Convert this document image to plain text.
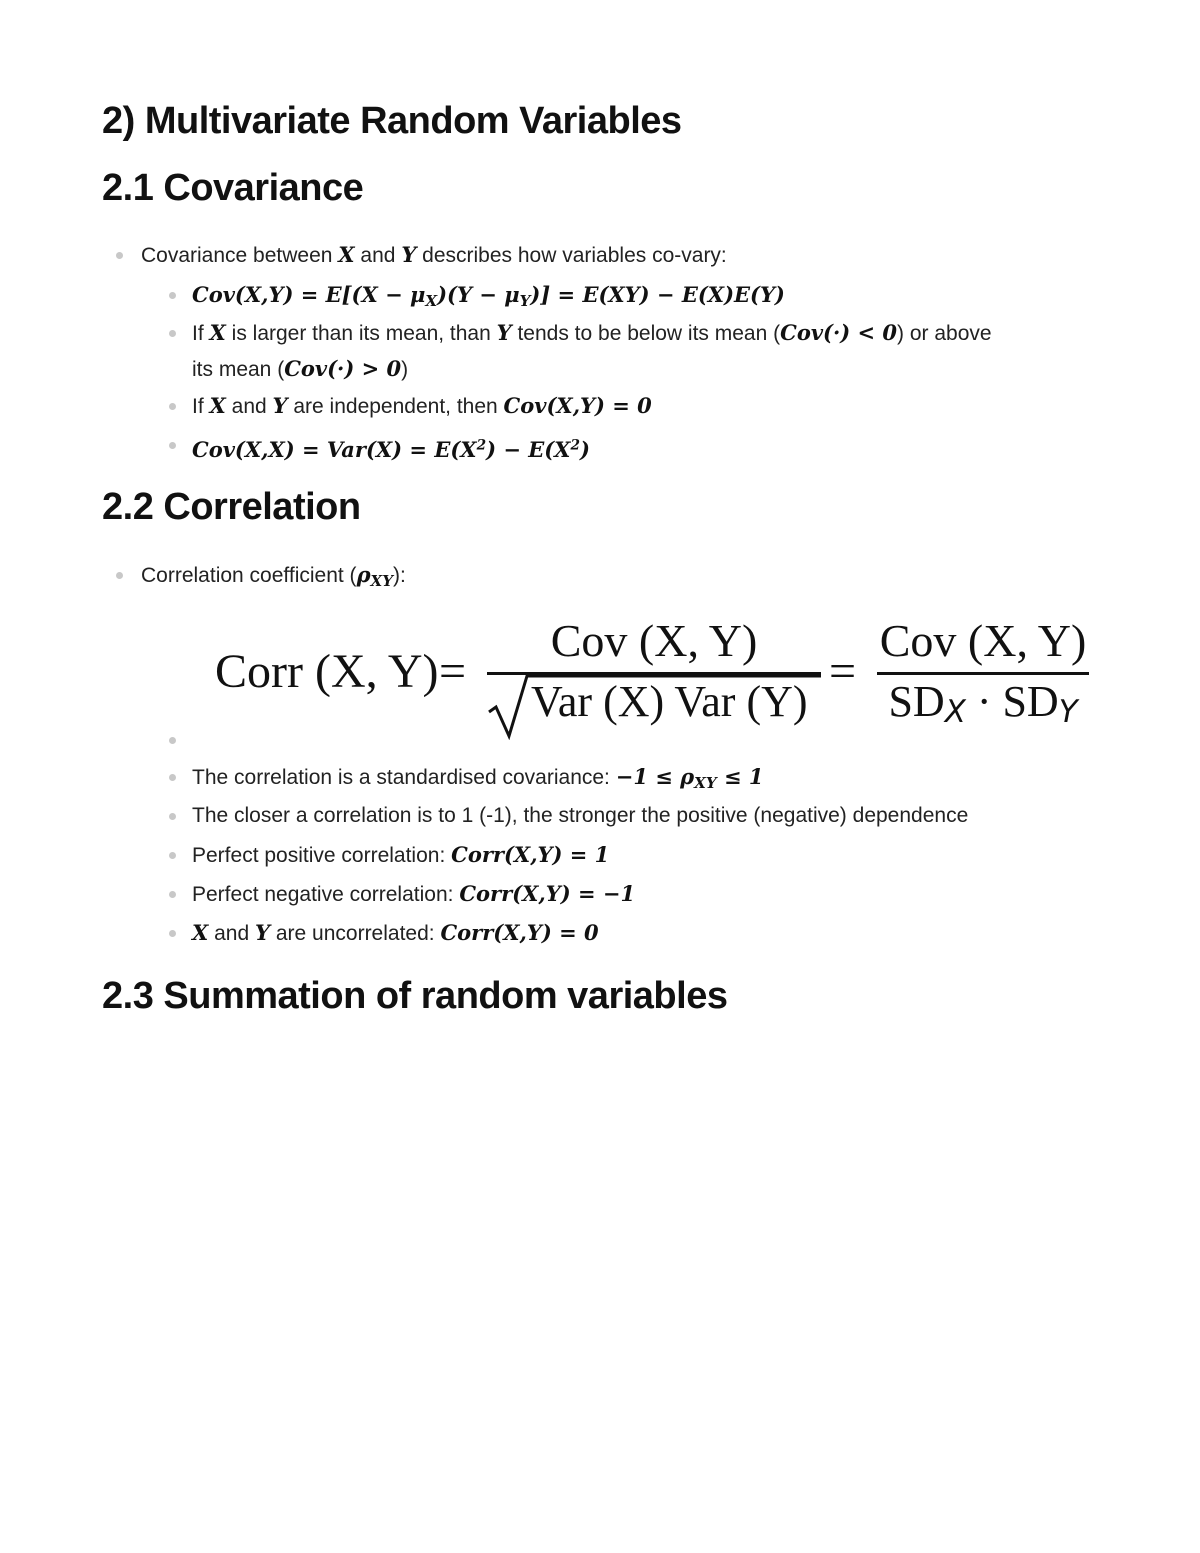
2) Multivariate Random Variables
2.1 Covariance
Covariance between X and Y describes how variables co-vary:
$Cov(X,Y) = E[(X - \mu_X)(Y - \mu_Y)] = E(XY) - E(X)E(Y)$
If X is larger than its mean, than Y tends to be below its mean (Cov(·) < 0) or above
its mean (Cov(·) > 0)
If X and Y are independent, then Cov(X,Y) = 0
$Cov(X,X) = Var(X) = E(X^2) - E(X^2)$
2.2 Correlation
Correlation coefficient $(\rho_{XY})$:
Corr (X, Y) =
Cov (X, Y)
Var (X) Var (Y)
=
Cov (X, Y)
$SD_X \cdot SD_Y$
The correlation is a standardised covariance: $-1 \le \rho_{XY} \le 1$
The closer a correlation is to 1 (-1), the stronger the positive (negative) dependence
Perfect positive correlation: Corr(X,Y) = 1
Perfect negative correlation: Corr(X,Y) = −1
X and Y are uncorrelated: Corr(X,Y) = 0
2.3 Summation of random variables
